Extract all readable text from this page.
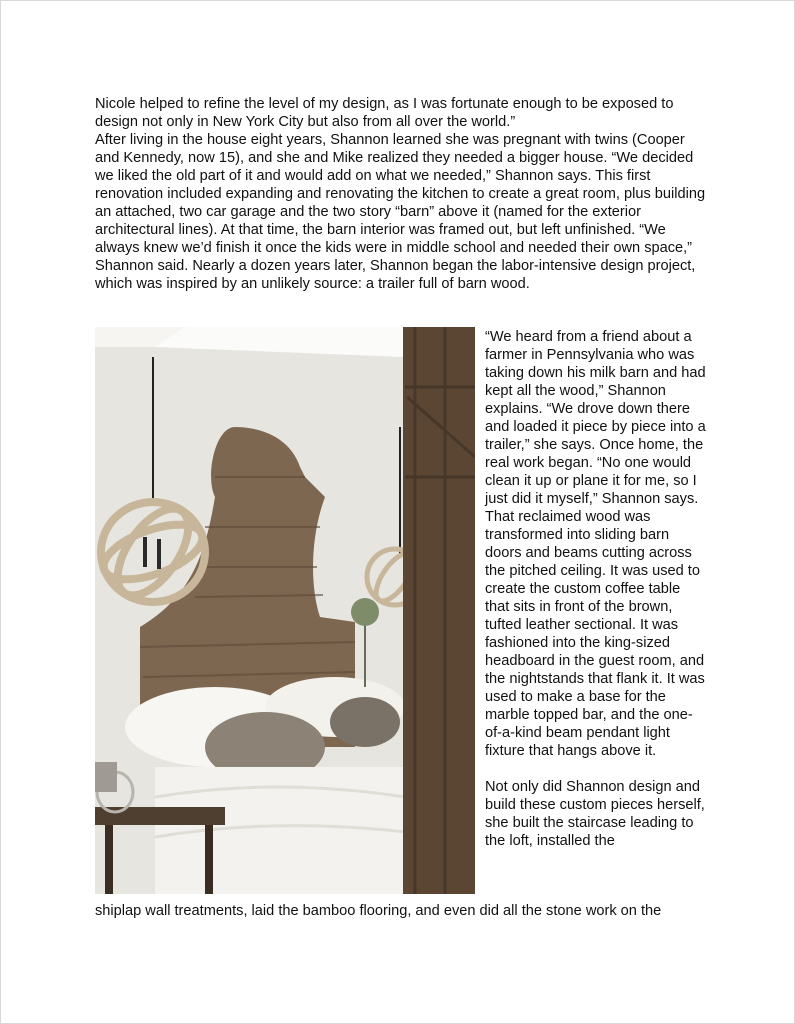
Nicole helped to refine the level of my design, as I was fortunate enough to be exposed to design not only in New York City but also from all over the world.”

After living in the house eight years, Shannon learned she was pregnant with twins (Cooper and Kennedy, now 15), and she and Mike realized they needed a bigger house. “We decided we liked the old part of it and would add on what we needed,” Shannon says. This first renovation included expanding and renovating the kitchen to create a great room, plus building an attached, two car garage and the two story “barn” above it (named for the exterior architectural lines). At that time, the barn interior was framed out, but left unfinished. “We always knew we’d finish it once the kids were in middle school and needed their own space,” Shannon said. Nearly a dozen years later, Shannon began the labor-intensive design project, which was inspired by an unlikely source: a trailer full of barn wood.

“We heard from a friend about a farmer in Pennsylvania who was taking down his milk barn and had kept all the wood,” Shannon explains. “We drove down there and loaded it piece by piece into a trailer,” she says. Once home, the real work began. “No one would clean it up or plane it for me, so I just did it myself,” Shannon says. That reclaimed wood was transformed into sliding barn doors and beams cutting across the pitched ceiling. It was used to create the custom coffee table that sits in front of the brown, tufted leather sectional. It was fashioned into the king-sized headboard in the guest room, and the nightstands that flank it. It was used to make a base for the marble topped bar, and the one-of-a-kind beam pendant light fixture that hangs above it.

Not only did Shannon design and build these custom pieces herself, she built the staircase leading to the loft, installed the

shiplap wall treatments, laid the bamboo flooring, and even did all the stone work on the
